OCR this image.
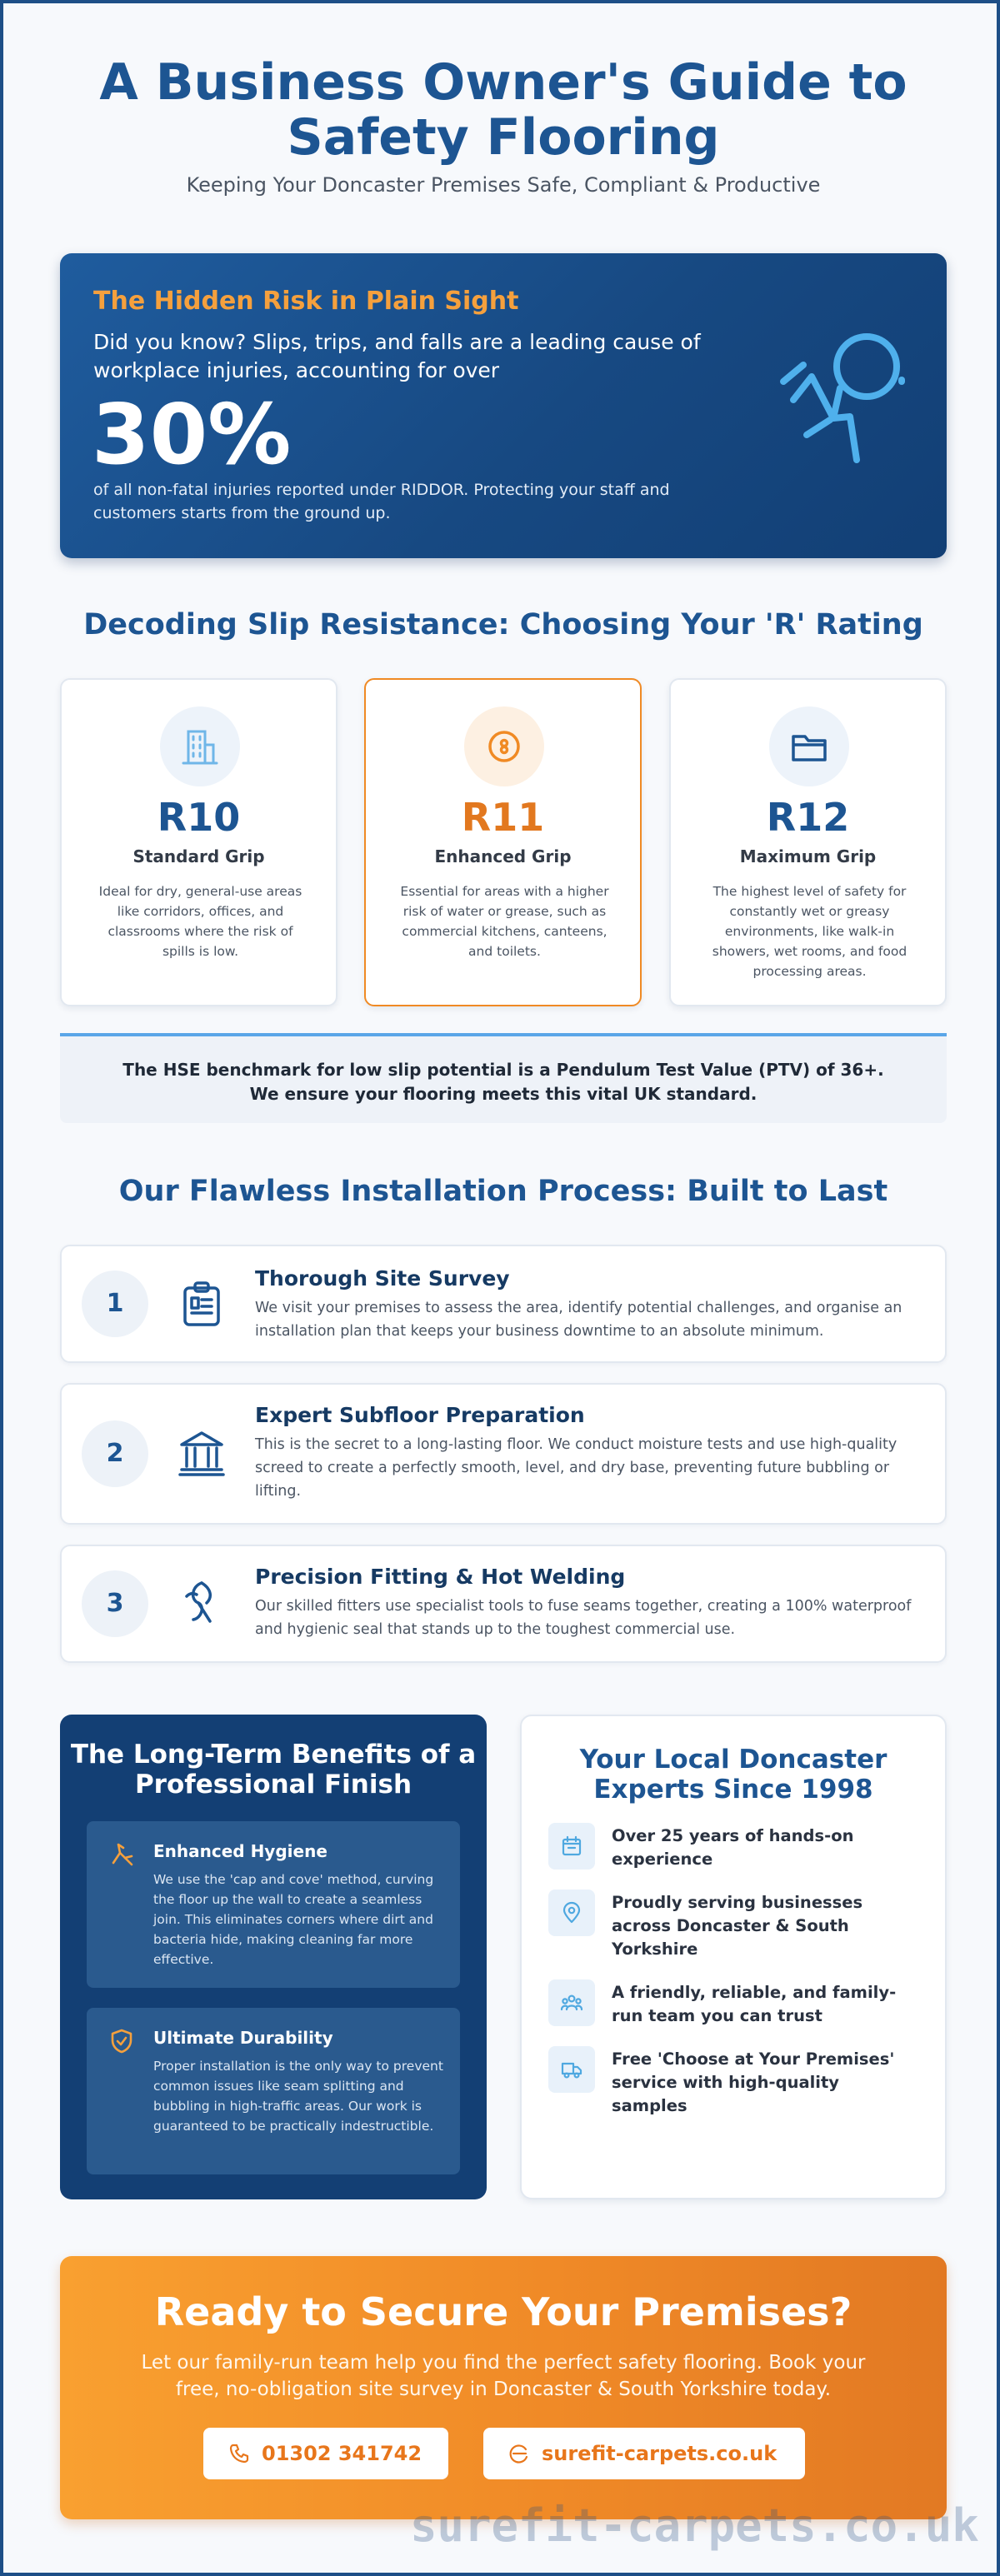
A Business Owner's Guide to Safety Flooring
Keeping Your Doncaster Premises Safe, Compliant & Productive
The Hidden Risk in Plain Sight
Did you know? Slips, trips, and falls are a leading cause of workplace injuries, accounting for over
30%
of all non-fatal injuries reported under RIDDOR. Protecting your staff and customers starts from the ground up.
Decoding Slip Resistance: Choosing Your 'R' Rating
R10
Standard Grip
Ideal for dry, general-use areas like corridors, offices, and classrooms where the risk of spills is low.
R11
Enhanced Grip
Essential for areas with a higher risk of water or grease, such as commercial kitchens, canteens, and toilets.
R12
Maximum Grip
The highest level of safety for constantly wet or greasy environments, like walk-in showers, wet rooms, and food processing areas.
The HSE benchmark for low slip potential is a Pendulum Test Value (PTV) of 36+. We ensure your flooring meets this vital UK standard.
Our Flawless Installation Process: Built to Last
1
Thorough Site Survey
We visit your premises to assess the area, identify potential challenges, and organise an installation plan that keeps your business downtime to an absolute minimum.
2
Expert Subfloor Preparation
This is the secret to a long-lasting floor. We conduct moisture tests and use high-quality screed to create a perfectly smooth, level, and dry base, preventing future bubbling or lifting.
3
Precision Fitting & Hot Welding
Our skilled fitters use specialist tools to fuse seams together, creating a 100% waterproof and hygienic seal that stands up to the toughest commercial use.
The Long-Term Benefits of a Professional Finish
Enhanced Hygiene
We use the 'cap and cove' method, curving the floor up the wall to create a seamless join. This eliminates corners where dirt and bacteria hide, making cleaning far more effective.
Ultimate Durability
Proper installation is the only way to prevent common issues like seam splitting and bubbling in high-traffic areas. Our work is guaranteed to be practically indestructible.
Your Local Doncaster Experts Since 1998
Over 25 years of hands-on experience
Proudly serving businesses across Doncaster & South Yorkshire
A friendly, reliable, and family-run team you can trust
Free 'Choose at Your Premises' service with high-quality samples
Ready to Secure Your Premises?
Let our family-run team help you find the perfect safety flooring. Book your free, no-obligation site survey in Doncaster & South Yorkshire today.
01302 341742	surefit-carpets.co.uk
surefit-carpets.co.uk
